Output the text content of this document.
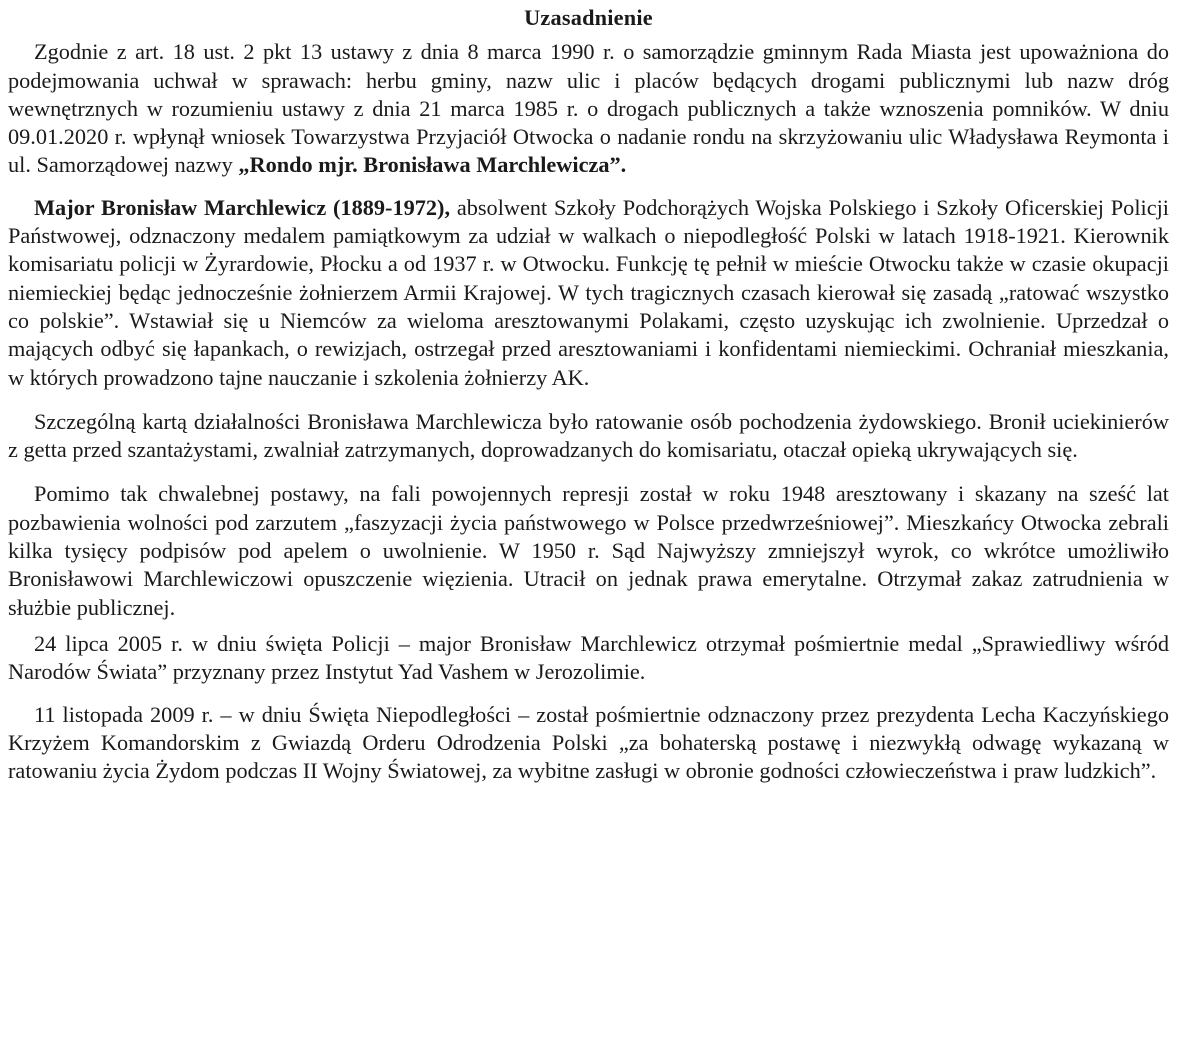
Uzasadnienie

Zgodnie z art. 18 ust. 2 pkt 13 ustawy z dnia 8 marca 1990 r. o samorządzie gminnym Rada Miasta jest upoważniona do podejmowania uchwał w sprawach: herbu gminy, nazw ulic i placów będących drogami publicznymi lub nazw dróg wewnętrznych w rozumieniu ustawy z dnia 21 marca 1985 r. o drogach publicznych a także wznoszenia pomników. W dniu 09.01.2020 r. wpłynął wniosek Towarzystwa Przyjaciół Otwocka o nadanie rondu na skrzyżowaniu ulic Władysława Reymonta i ul. Samorządowej nazwy „Rondo mjr. Bronisława Marchlewicza”.

Major Bronisław Marchlewicz (1889-1972), absolwent Szkoły Podchorążych Wojska Polskiego i Szkoły Oficerskiej Policji Państwowej, odznaczony medalem pamiątkowym za udział w walkach o niepodległość Polski w latach 1918-1921. Kierownik komisariatu policji w Żyrardowie, Płocku a od 1937 r. w Otwocku. Funkcję tę pełnił w mieście Otwocku także w czasie okupacji niemieckiej będąc jednocześnie żołnierzem Armii Krajowej. W tych tragicznych czasach kierował się zasadą „ratować wszystko co polskie”. Wstawiał się u Niemców za wieloma aresztowanymi Polakami, często uzyskując ich zwolnienie. Uprzedzał o mających odbyć się łapankach, o rewizjach, ostrzegał przed aresztowaniami i konfidentami niemieckimi. Ochraniał mieszkania, w których prowadzono tajne nauczanie i szkolenia żołnierzy AK.

Szczególną kartą działalności Bronisława Marchlewicza było ratowanie osób pochodzenia żydowskiego. Bronił uciekinierów z getta przed szantażystami, zwalniał zatrzymanych, doprowadzanych do komisariatu, otaczał opieką ukrywających się.

Pomimo tak chwalebnej postawy, na fali powojennych represji został w roku 1948 aresztowany i skazany na sześć lat pozbawienia wolności pod zarzutem „faszyzacji życia państwowego w Polsce przedwrześniowej”. Mieszkańcy Otwocka zebrali kilka tysięcy podpisów pod apelem o uwolnienie. W 1950 r. Sąd Najwyższy zmniejszył wyrok, co wkrótce umożliwiło Bronisławowi Marchlewiczowi opuszczenie więzienia. Utracił on jednak prawa emerytalne. Otrzymał zakaz zatrudnienia w służbie publicznej.

24 lipca 2005 r. w dniu święta Policji – major Bronisław Marchlewicz otrzymał pośmiertnie medal „Sprawiedliwy wśród Narodów Świata” przyznany przez Instytut Yad Vashem w Jerozolimie.

11 listopada 2009 r. – w dniu Święta Niepodległości – został pośmiertnie odznaczony przez prezydenta Lecha Kaczyńskiego Krzyżem Komandorskim z Gwiazdą Orderu Odrodzenia Polski „za bohaterską postawę i niezwykłą odwagę wykazaną w ratowaniu życia Żydom podczas II Wojny Światowej, za wybitne zasługi w obronie godności człowieczeństwa i praw ludzkich”.
